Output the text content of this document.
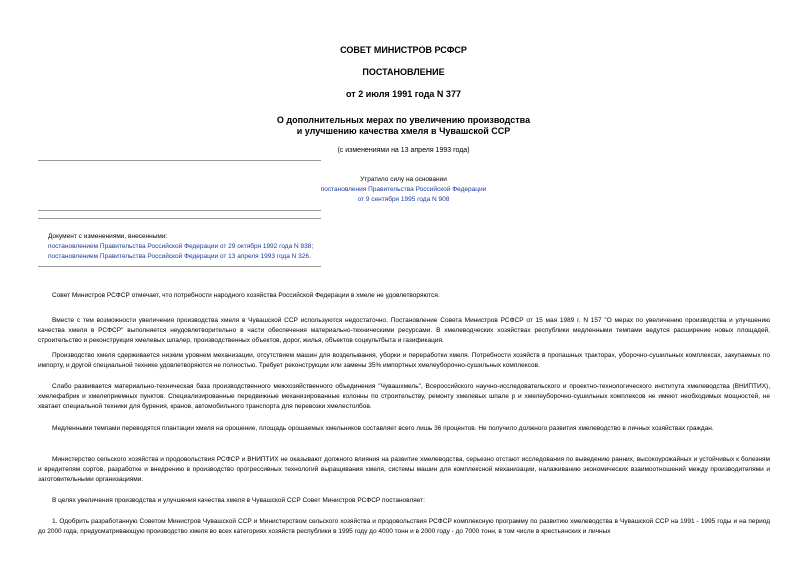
СОВЕТ МИНИСТРОВ РСФСР
ПОСТАНОВЛЕНИЕ
от 2 июля 1991 года N 377
О дополнительных мерах по увеличению производства
и улучшению качества хмеля в Чувашской ССР
(с изменениями на 13 апреля 1993 года)
Утратило силу на основании
постановления Правительства Российской Федерации
от 9 сентября 1995 года N 908
Документ с изменениями, внесенными:
постановлением Правительства Российской Федерации от 29 октября 1992 года N 838;
постановлением Правительства Российской Федерации от 13 апреля 1993 года N 326.
Совет Министров РСФСР отмечает, что потребности народного хозяйства Российской Федерации в хмеле не удовлетворяются.
Вместе с тем возможности увеличения производства хмеля в Чувашской ССР используются недостаточно. Постановление Совета Министров РСФСР от 15 мая 1989 г. N 157 "О мерах по увеличению производства и улучшению качества хмеля в РСФСР" выполняется неудовлетворительно в части обеспечения материально-техническими ресурсами. В хмелеводческих хозяйствах республики медленными темпами ведутся расширение новых площадей, строительство и реконструкция хмелевых шпалер, производственных объектов, дорог, жилья, объектов соцкультбыта и газификация.
Производство хмеля сдерживается низким уровнем механизации, отсутствием машин для возделывания, уборки и переработки хмеля. Потребности хозяйств в пропашных тракторах, уборочно-сушильных комплексах, закупаемых по импорту, и другой специальной технике удовлетворяются не полностью. Требует реконструкции или замены 35% импортных хмелеуборочно-сушильных комплексов.
Слабо развивается материально-техническая база производственного межхозяйственного объединения "Чувашхмель", Всероссийского научно-исследовательского и проектно-технологического института хмелеводства (ВНИПТИХ), хмелефабрик и хмелеприемных пунктов. Специализированные передвижные механизированные колонны по строительству, ремонту хмелевых шпале р и хмелеуборочно-сушильных комплексов не имеют необходимых мощностей, не хватает специальной техники для бурения, кранов, автомобильного транспорта для перевозки хмелестолбов.
Медленными темпами переводятся плантации хмеля на орошение, площадь орошаемых хмельников составляет всего лишь 36 процентов. Не получило должного развития хмелеводство в личных хозяйствах граждан.
Министерство сельского хозяйства и продовольствия РСФСР и ВНИПТИХ не оказывают должного влияния на развитие хмелеводства, серьезно отстают исследования по выведению ранних, высокоурожайных и устойчивых к болезням и вредителям сортов, разработке и внедрению в производство прогрессивных технологий выращивания хмеля, системы машин для комплексной механизации, налаживанию экономических взаимоотношений между производителями и заготовительными организациями.
В целях увеличения производства и улучшения качества хмеля в Чувашской ССР Совет Министров РСФСР постановляет:
1. Одобрить разработанную Советом Министров Чувашской ССР и Министерством сельского хозяйства и продовольствия РСФСР комплексную программу по развитию хмелеводства в Чувашской ССР на 1991 - 1995 годы и на период до 2000 года, предусматривающую производство хмеля во всех категориях хозяйств республики в 1995 году до 4000 тонн и в 2000 году - до 7000 тонн, в том числе в крестьянских и личных
